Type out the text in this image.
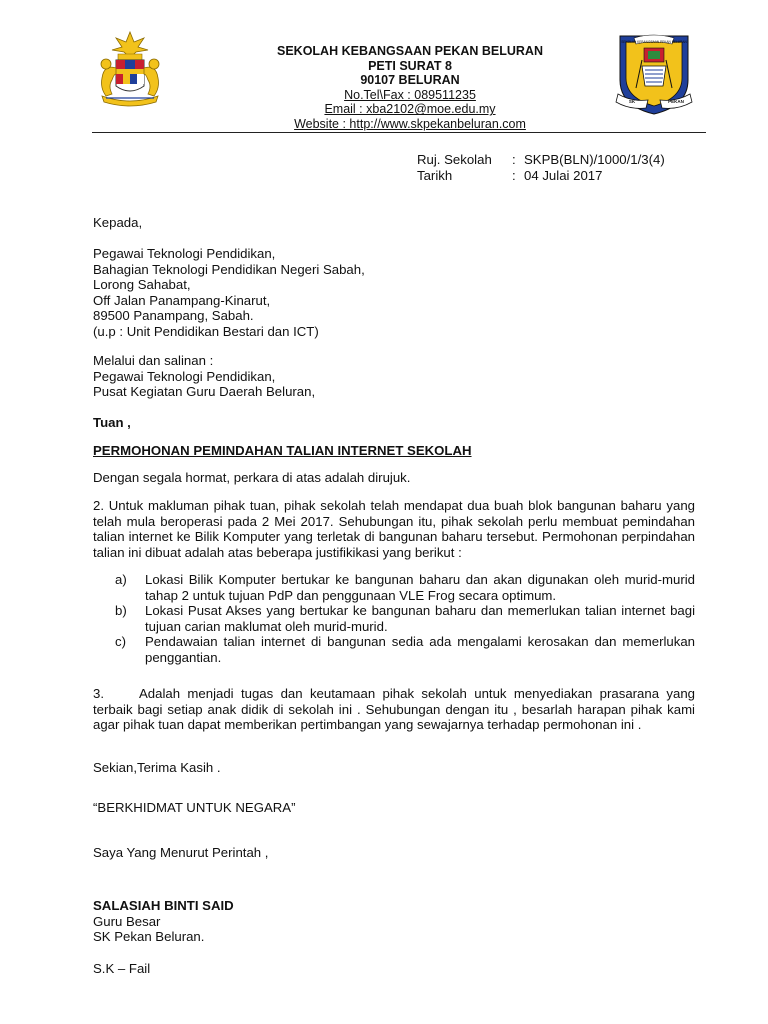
SEKOLAH KEBANGSAAN PEKAN BELURAN
PETI SURAT 8
90107 BELURAN
No.Tel\Fax : 089511235
Email : xba2102@moe.edu.my
Website : http://www.skpekanbeluran.com
SEKOLAH KEBANGSAAN PEKAN BELURAN
SK	PEKAN
Ruj. Sekolah : SKPB(BLN)/1000/1/3(4)
Tarikh	: 04 Julai 2017
Kepada,
Pegawai Teknologi Pendidikan,
Bahagian Teknologi Pendidikan Negeri Sabah,
Lorong Sahabat,
Off Jalan Panampang-Kinarut,
89500 Panampang, Sabah.
(u.p : Unit Pendidikan Bestari dan ICT)
Melalui dan salinan :
Pegawai Teknologi Pendidikan,
Pusat Kegiatan Guru Daerah Beluran,
Tuan ,
PERMOHONAN PEMINDAHAN TALIAN INTERNET SEKOLAH
Dengan segala hormat, perkara di atas adalah dirujuk.
2. Untuk makluman pihak tuan, pihak sekolah telah mendapat dua buah blok bangunan baharu yang telah mula beroperasi pada 2 Mei 2017. Sehubungan itu, pihak sekolah perlu membuat pemindahan talian internet ke Bilik Komputer yang terletak di bangunan baharu tersebut. Permohonan perpindahan talian ini dibuat adalah atas beberapa justifikikasi yang berikut :
a)	Lokasi Bilik Komputer bertukar ke bangunan baharu dan akan digunakan oleh murid-murid tahap 2 untuk tujuan PdP dan penggunaan VLE Frog secara optimum.
b)	Lokasi Pusat Akses yang bertukar ke bangunan baharu dan memerlukan talian internet bagi tujuan carian maklumat oleh murid-murid.
c)	Pendawaian talian internet di bangunan sedia ada mengalami kerosakan dan memerlukan penggantian.
3.	Adalah menjadi tugas dan keutamaan pihak sekolah untuk menyediakan prasarana yang terbaik bagi setiap anak didik di sekolah ini . Sehubungan dengan itu , besarlah harapan pihak kami agar pihak tuan dapat memberikan pertimbangan yang sewajarnya terhadap permohonan ini .
Sekian,Terima Kasih .
“BERKHIDMAT UNTUK NEGARA”
Saya Yang Menurut Perintah ,
SALASIAH BINTI SAID
Guru Besar
SK Pekan Beluran.
S.K – Fail
